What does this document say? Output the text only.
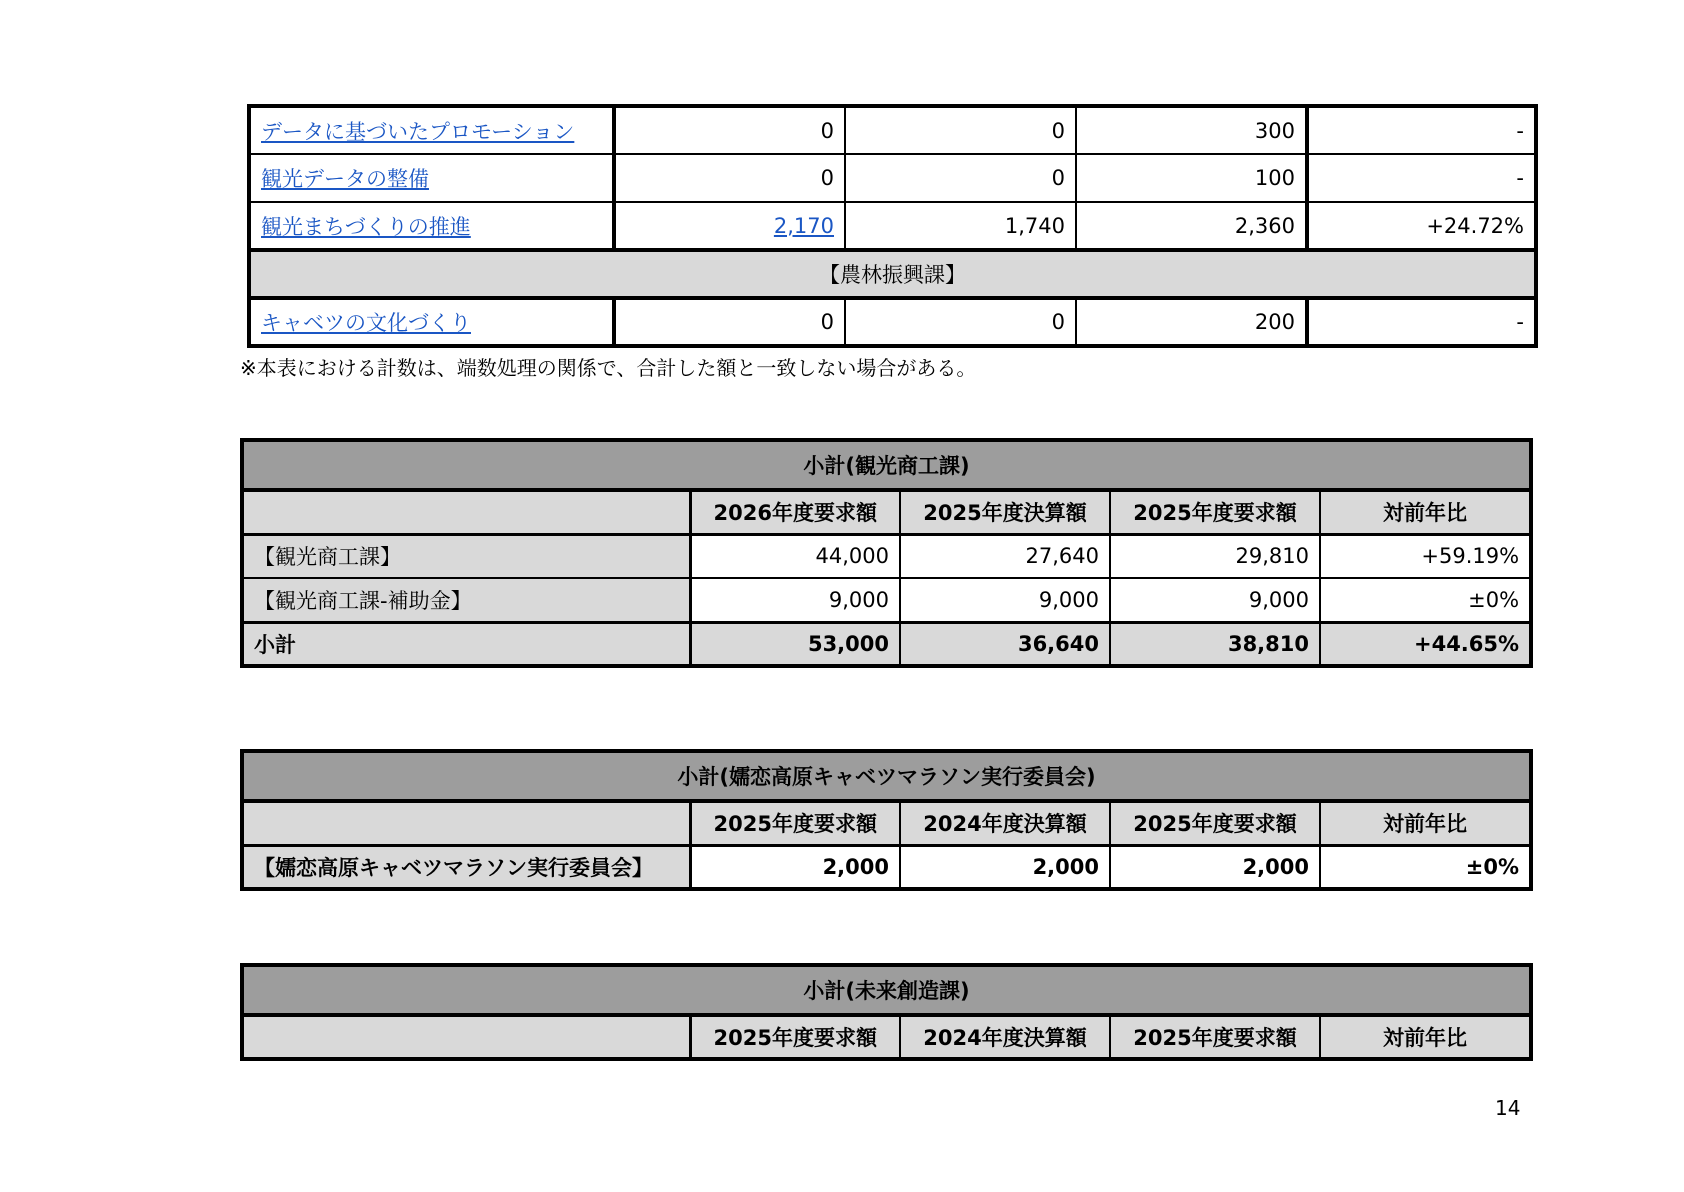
データに基づいたプロモーション	0	0	300	-
観光データの整備	0	0	100	-
観光まちづくりの推進	2,170	1,740	2,360	+24.72%
【農林振興課】				
キャベツの文化づくり	0	0	200	-
※本表における計数は、端数処理の関係で、合計した額と一致しない場合がある。
小計(観光商工課)				
	2026年度要求額	2025年度決算額	2025年度要求額	対前年比
【観光商工課】	44,000	27,640	29,810	+59.19%
【観光商工課-補助金】	9,000	9,000	9,000	±0%
小計	53,000	36,640	38,810	+44.65%
小計(嬬恋高原キャベツマラソン実行委員会)				
	2025年度要求額	2024年度決算額	2025年度要求額	対前年比
【嬬恋高原キャベツマラソン実行委員会】	2,000	2,000	2,000	±0%
小計(未来創造課)
	2025年度要求額	2024年度決算額	2025年度要求額	対前年比
14
